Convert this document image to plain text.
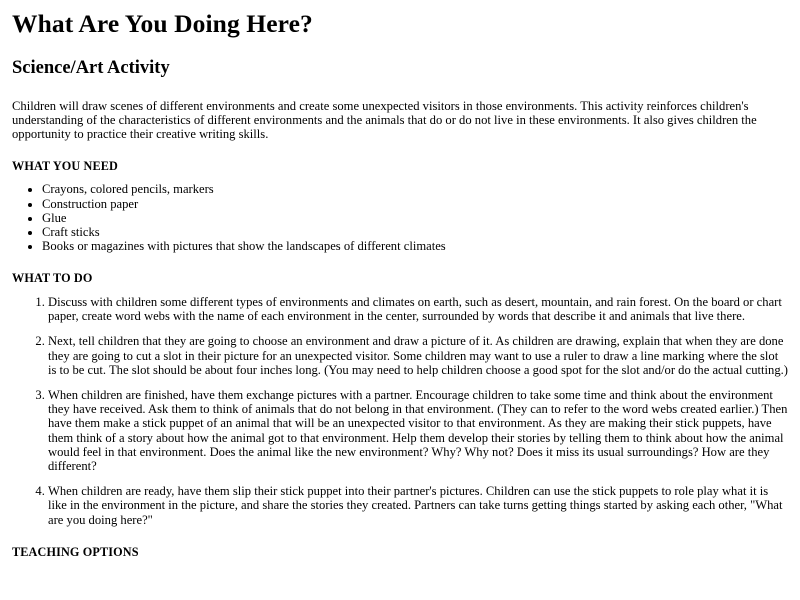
What Are You Doing Here?
Science/Art Activity

Children will draw scenes of different environments and create some unexpected visitors in those environments. This activity reinforces children's understanding of the characteristics of different environments and the animals that do or do not live in these environments. It also gives children the opportunity to practice their creative writing skills.

WHAT YOU NEED
• Crayons, colored pencils, markers
• Construction paper
• Glue
• Craft sticks
• Books or magazines with pictures that show the landscapes of different climates
WHAT TO DO
1. Discuss with children some different types of environments and climates on earth, such as desert, mountain, and rain forest. On the board or chart paper, create word webs with the name of each environment in the center, surrounded by words that describe it and animals that live there.
2. Next, tell children that they are going to choose an environment and draw a picture of it. As children are drawing, explain that when they are done they are going to cut a slot in their picture for an unexpected visitor. Some children may want to use a ruler to draw a line marking where the slot is to be cut. The slot should be about four inches long. (You may need to help children choose a good spot for the slot and/or do the actual cutting.)
3. When children are finished, have them exchange pictures with a partner. Encourage children to take some time and think about the environment they have received. Ask them to think of animals that do not belong in that environment. (They can to refer to the word webs created earlier.) Then have them make a stick puppet of an animal that will be an unexpected visitor to that environment. As they are making their stick puppets, have them think of a story about how the animal got to that environment. Help them develop their stories by telling them to think about how the animal would feel in that environment. Does the animal like the new environment? Why? Why not? Does it miss its usual surroundings? How are they different?
4. When children are ready, have them slip their stick puppet into their partner's pictures. Children can use the stick puppets to role play what it is like in the environment in the picture, and share the stories they created. Partners can take turns getting things started by asking each other, "What are you doing here?"
TEACHING OPTIONS
